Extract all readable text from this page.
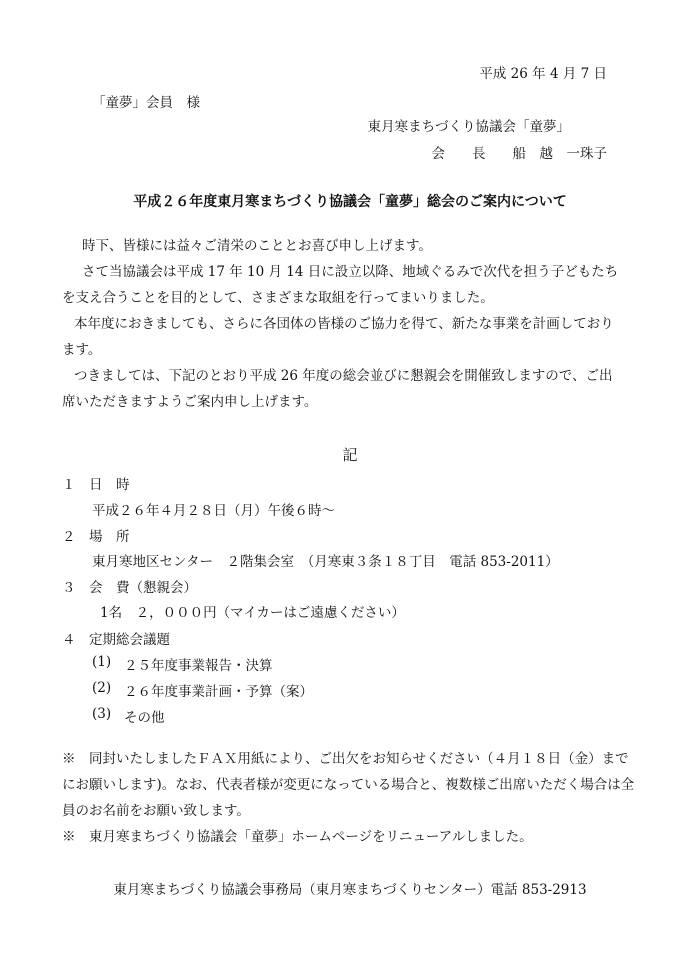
平成 26 年 4 月 7 日
「童夢」会員　様
東月寒まちづくり協議会「童夢」
会　　長　　船　越　一珠子
平成２６年度東月寒まちづくり協議会「童夢」総会のご案内について
時下、皆様には益々ご清栄のこととお喜び申し上げます。
さて当協議会は平成 17 年 10 月 14 日に設立以降、地域ぐるみで次代を担う子どもたちを支え合うことを目的として、さまざまな取組を行ってまいりました。
本年度におきましても、さらに各団体の皆様のご協力を得て、新たな事業を計画しております。
つきましては、下記のとおり平成 26 年度の総会並びに懇親会を開催致しますので、ご出席いただきますようご案内申し上げます。
記
１　日　時
平成２６年４月２８日（月）午後６時～
２　場　所
東月寒地区センター　２階集会室　（月寒東３条１８丁目　電話 853-2011）
３　会　費（懇親会）
1名　２，０００円（マイカーはご遠慮ください）
４　定期総会議題
(1) ２５年度事業報告・決算
(2) ２６年度事業計画・予算（案）
(3) その他
※　同封いたしましたＦＡＸ用紙により、ご出欠をお知らせください（４月１８日（金）までにお願いします)。なお、代表者様が変更になっている場合と、複数様ご出席いただく場合は全員のお名前をお願い致します。
※　東月寒まちづくり協議会「童夢」ホームページをリニューアルしました。
東月寒まちづくり協議会事務局（東月寒まちづくりセンター）電話 853-2913
